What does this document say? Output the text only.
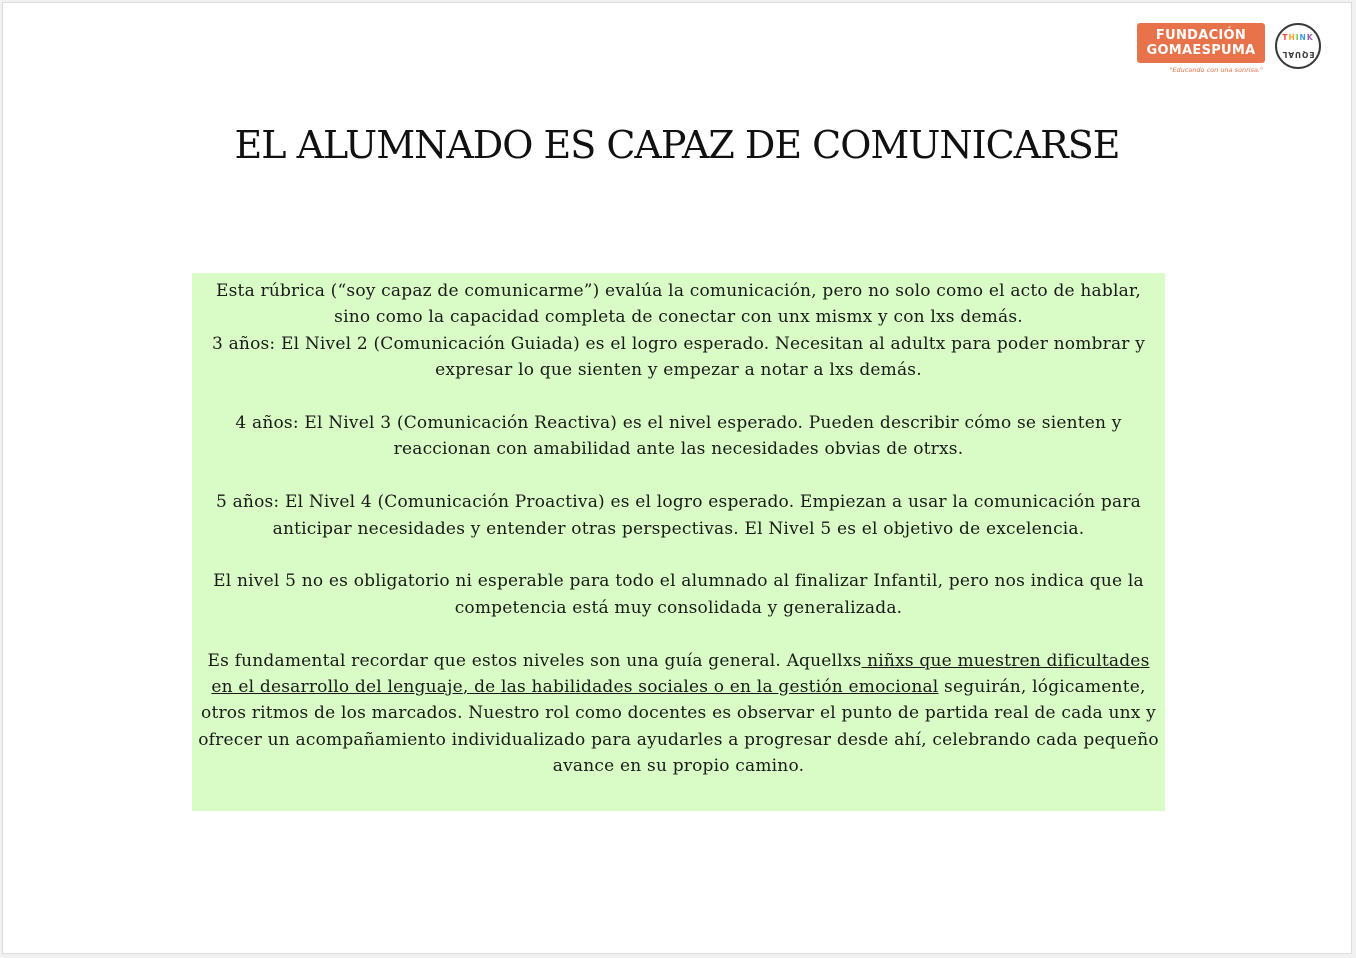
FUNDACIÓN
GOMAESPUMA
"Educando con una sonrisa."
THINK
EQUAL
EL ALUMNADO ES CAPAZ DE COMUNICARSE

Esta rúbrica (“soy capaz de comunicarme”) evalúa la comunicación, pero no solo como el acto de hablar, sino como la capacidad completa de conectar con unx mismx y con lxs demás.

3 años: El Nivel 2 (Comunicación Guiada) es el logro esperado. Necesitan al adultx para poder nombrar y expresar lo que sienten y empezar a notar a lxs demás.

4 años: El Nivel 3 (Comunicación Reactiva) es el nivel esperado. Pueden describir cómo se sienten y reaccionan con amabilidad ante las necesidades obvias de otrxs.

5 años: El Nivel 4 (Comunicación Proactiva) es el logro esperado. Empiezan a usar la comunicación para anticipar necesidades y entender otras perspectivas. El Nivel 5 es el objetivo de excelencia.

El nivel 5 no es obligatorio ni esperable para todo el alumnado al finalizar Infantil, pero nos indica que la competencia está muy consolidada y generalizada.

Es fundamental recordar que estos niveles son una guía general. Aquellxs niñxs que muestren dificultades en el desarrollo del lenguaje, de las habilidades sociales o en la gestión emocional seguirán, lógicamente, otros ritmos de los marcados. Nuestro rol como docentes es observar el punto de partida real de cada unx y ofrecer un acompañamiento individualizado para ayudarles a progresar desde ahí, celebrando cada pequeño avance en su propio camino.
